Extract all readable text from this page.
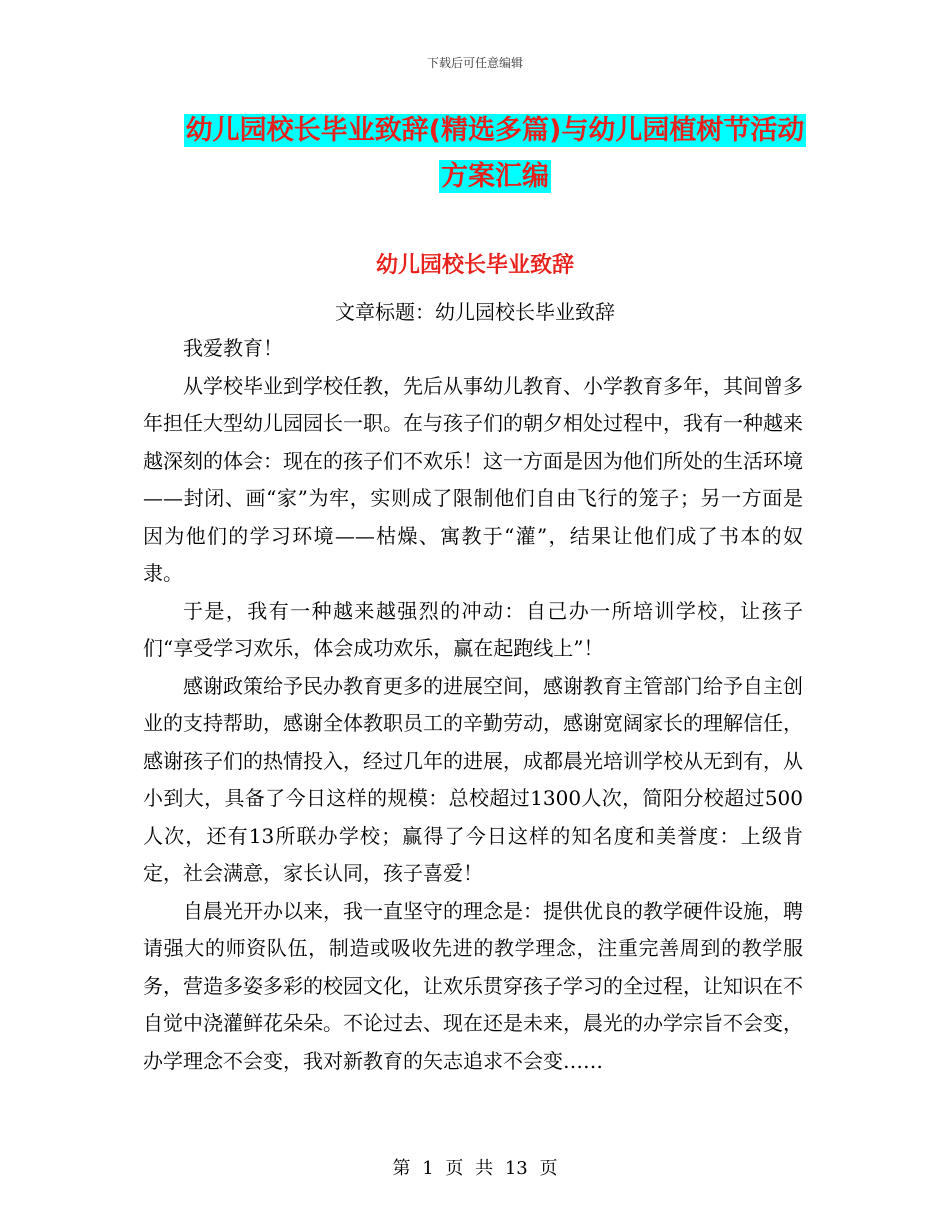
下载后可任意编辑
幼儿园校长毕业致辞(精选多篇)与幼儿园植树节活动
方案汇编
幼儿园校长毕业致辞
文章标题：幼儿园校长毕业致辞

我爱教育！

从学校毕业到学校任教，先后从事幼儿教育、小学教育多年，其间曾多年担任大型幼儿园园长一职。在与孩子们的朝夕相处过程中，我有一种越来越深刻的体会：现在的孩子们不欢乐！这一方面是因为他们所处的生活环境——封闭、画“家”为牢，实则成了限制他们自由飞行的笼子；另一方面是因为他们的学习环境——枯燥、寓教于“灌”，结果让他们成了书本的奴隶。

于是，我有一种越来越强烈的冲动：自己办一所培训学校，让孩子们“享受学习欢乐，体会成功欢乐，赢在起跑线上”！

感谢政策给予民办教育更多的进展空间，感谢教育主管部门给予自主创业的支持帮助，感谢全体教职员工的辛勤劳动，感谢宽阔家长的理解信任，感谢孩子们的热情投入，经过几年的进展，成都晨光培训学校从无到有，从小到大，具备了今日这样的规模：总校超过1300人次，简阳分校超过500人次，还有13所联办学校；赢得了今日这样的知名度和美誉度：上级肯定，社会满意，家长认同，孩子喜爱！

自晨光开办以来，我一直坚守的理念是：提供优良的教学硬件设施，聘请强大的师资队伍，制造或吸收先进的教学理念，注重完善周到的教学服务，营造多姿多彩的校园文化，让欢乐贯穿孩子学习的全过程，让知识在不自觉中浇灌鲜花朵朵。不论过去、现在还是未来，晨光的办学宗旨不会变，办学理念不会变，我对新教育的矢志追求不会变……

第 1 页 共 13 页
